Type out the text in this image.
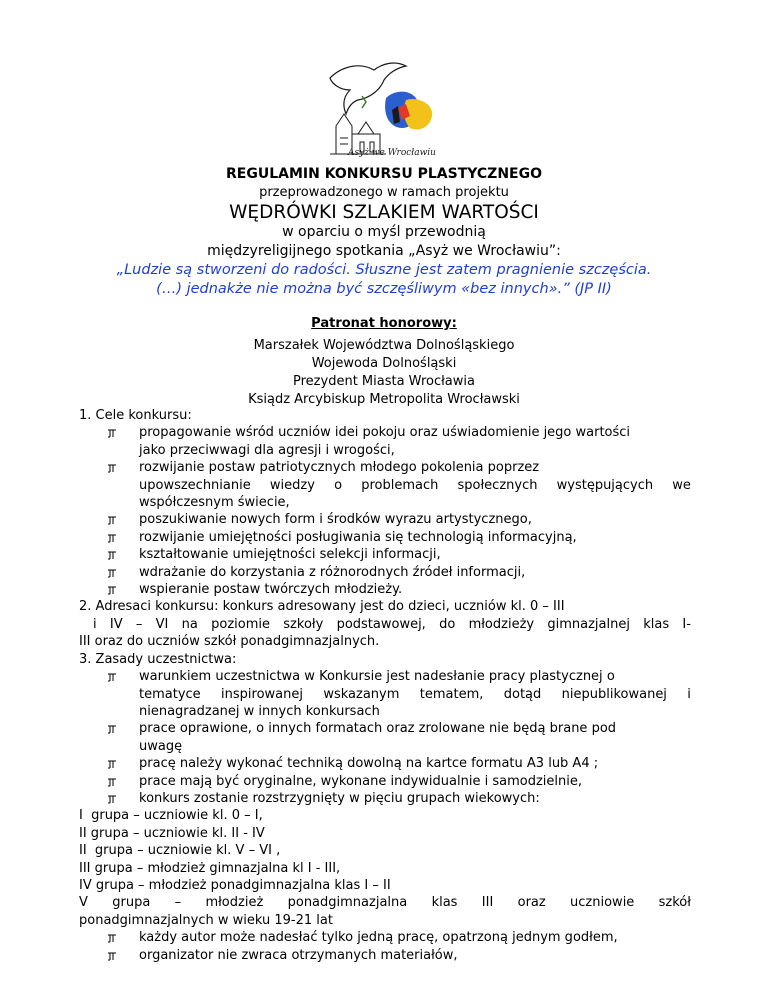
Asyż we Wrocławiu
REGULAMIN KONKURSU PLASTYCZNEGO
przeprowadzonego w ramach projektu
WĘDRÓWKI SZLAKIEM WARTOŚCI
w oparciu o myśl przewodnią
międzyreligijnego spotkania „Asyż we Wrocławiu”:
„Ludzie są stworzeni do radości. Słuszne jest zatem pragnienie szczęścia.
(…) jednakże nie można być szczęśliwym «bez innych».” (JP II)
Patronat honorowy:
Marszałek Województwa Dolnośląskiego
Wojewoda Dolnośląski
Prezydent Miasta Wrocławia
Ksiądz Arcybiskup Metropolita Wrocławski
1. Cele konkursu:
propagowanie wśród uczniów idei pokoju oraz uświadomienie jego wartości
jako przeciwwagi dla agresji i wrogości,
rozwijanie postaw patriotycznych młodego pokolenia poprzez
upowszechnianie wiedzy o problemach społecznych występujących we
współczesnym świecie,
poszukiwanie nowych form i środków wyrazu artystycznego,
rozwijanie umiejętności posługiwania się technologią informacyjną,
kształtowanie umiejętności selekcji informacji,
wdrażanie do korzystania z różnorodnych źródeł informacji,
wspieranie postaw twórczych młodzieży.
2. Adresaci konkursu: konkurs adresowany jest do dzieci, uczniów kl. 0 – III
i IV – VI na poziomie szkoły podstawowej, do młodzieży gimnazjalnej klas I-
III oraz do uczniów szkół ponadgimnazjalnych.
3. Zasady uczestnictwa:
warunkiem uczestnictwa w Konkursie jest nadesłanie pracy plastycznej o
tematyce inspirowanej wskazanym tematem, dotąd niepublikowanej i
nienagradzanej w innych konkursach
prace oprawione, o innych formatach oraz zrolowane nie będą brane pod
uwagę
pracę należy wykonać techniką dowolną na kartce formatu A3 lub A4 ;
prace mają być oryginalne, wykonane indywidualnie i samodzielnie,
konkurs zostanie rozstrzygnięty w pięciu grupach wiekowych:
I  grupa – uczniowie kl. 0 – I,
II grupa – uczniowie kl. II - IV
II  grupa – uczniowie kl. V – VI ,
III grupa – młodzież gimnazjalna kl I - III,
IV grupa – młodzież ponadgimnazjalna klas I – II
V grupa – młodzież ponadgimnazjalna klas III oraz uczniowie szkół
ponadgimnazjalnych w wieku 19-21 lat
każdy autor może nadesłać tylko jedną pracę, opatrzoną jednym godłem,
organizator nie zwraca otrzymanych materiałów,
